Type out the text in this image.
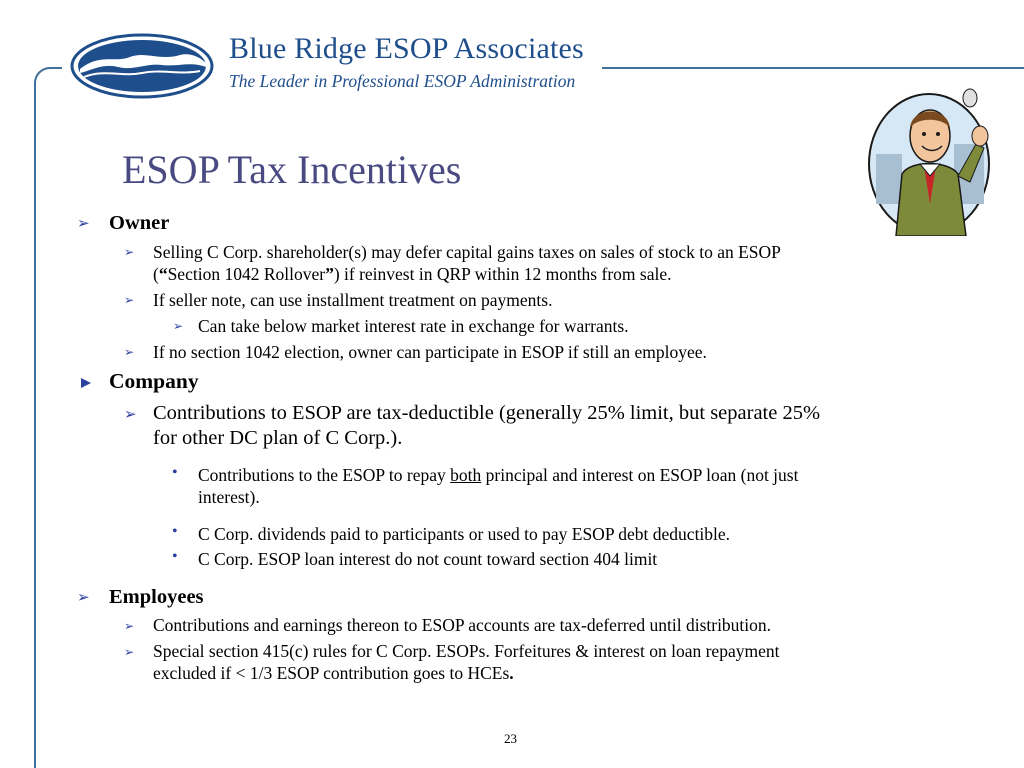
Blue Ridge ESOP Associates
The Leader in Professional ESOP Administration
ESOP Tax Incentives
➢ Owner
➢ Selling C Corp. shareholder(s) may defer capital gains taxes on sales of stock to an ESOP
(“Section 1042 Rollover”) if reinvest in QRP within 12 months from sale.
➢ If seller note, can use installment treatment on payments.
➢ Can take below market interest rate in exchange for warrants.
➢ If no section 1042 election, owner can participate in ESOP if still an employee.
Company
➢ Contributions to ESOP are tax-deductible (generally 25% limit, but separate 25%
for other DC plan of C Corp.).
• Contributions to the ESOP to repay both principal and interest on ESOP loan (not just
interest).
• C Corp. dividends paid to participants or used to pay ESOP debt deductible.
• C Corp. ESOP loan interest do not count toward section 404 limit
➢ Employees
➢ Contributions and earnings thereon to ESOP accounts are tax-deferred until distribution.
➢ Special section 415(c) rules for C Corp. ESOPs. Forfeitures & interest on loan repayment
excluded if < 1/3 ESOP contribution goes to HCEs.
23
